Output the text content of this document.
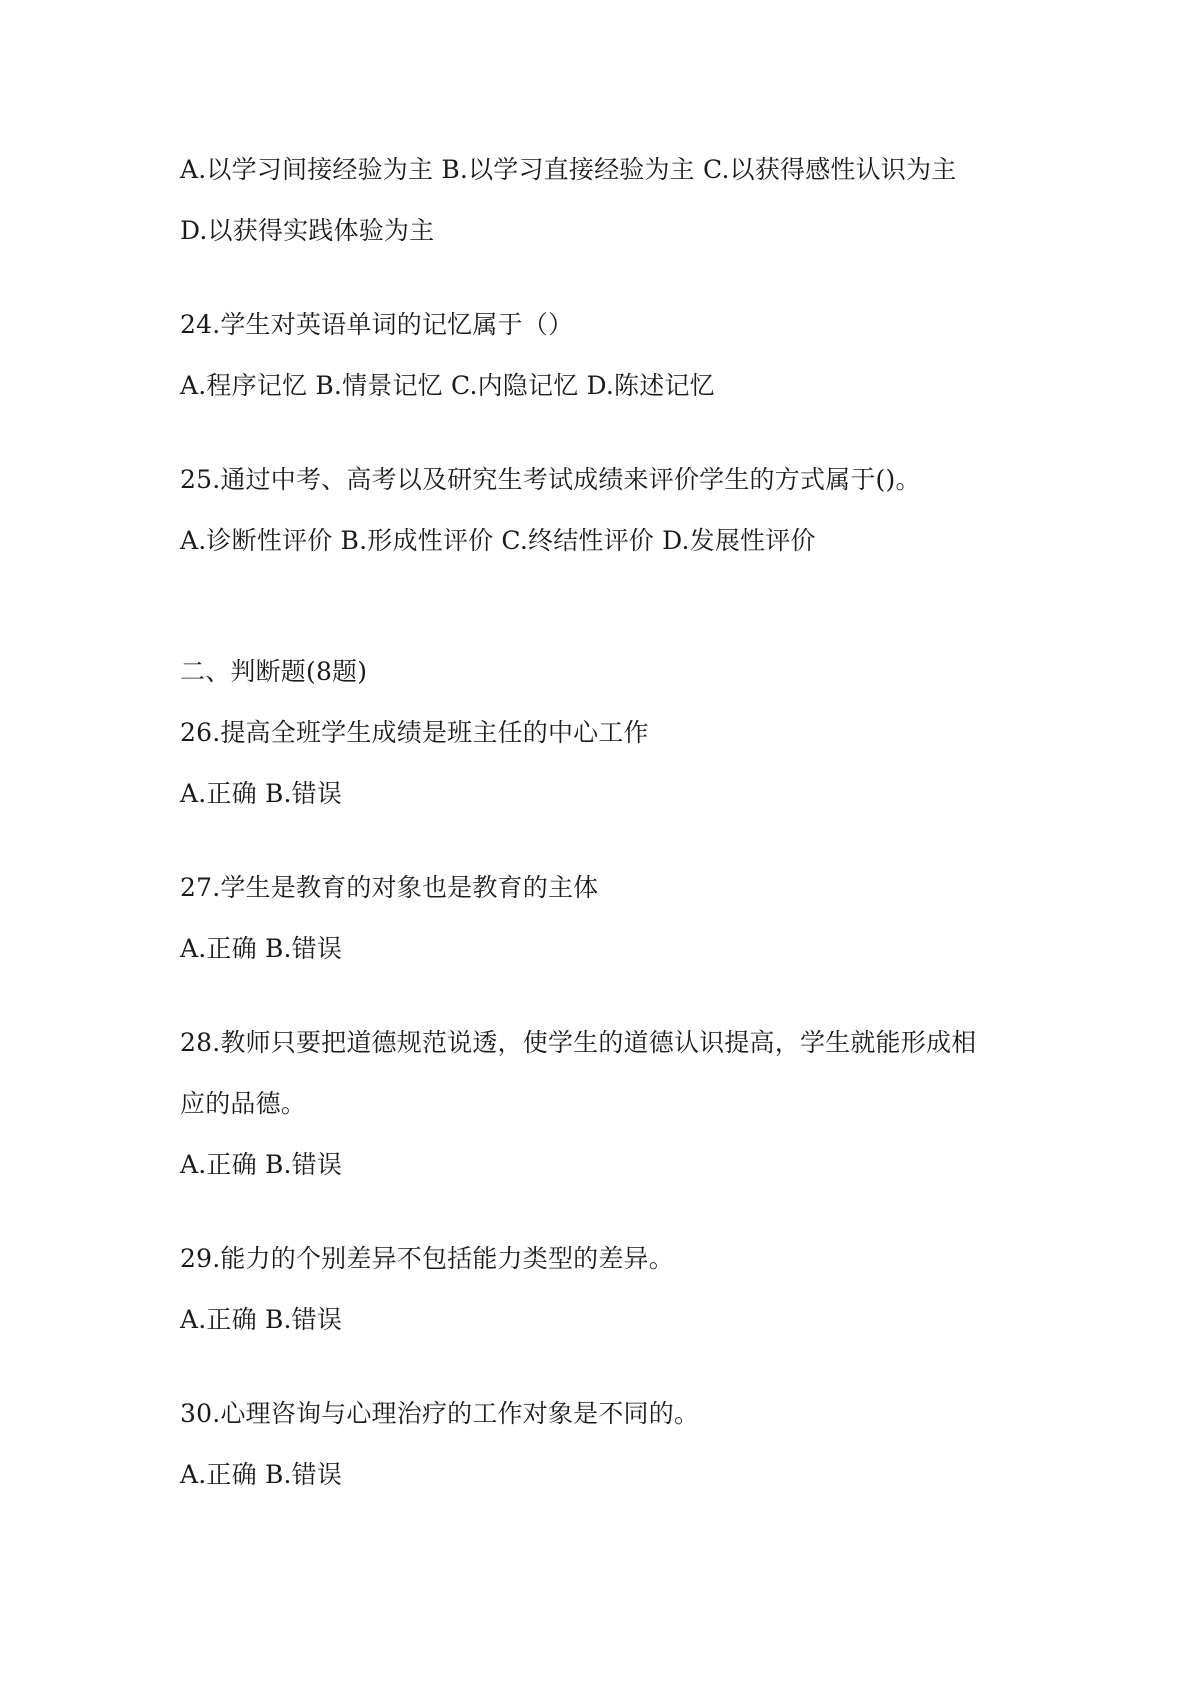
A.以学习间接经验为主 B.以学习直接经验为主 C.以获得感性认识为主
D.以获得实践体验为主
24.学生对英语单词的记忆属于（）
A.程序记忆 B.情景记忆 C.内隐记忆 D.陈述记忆
25.通过中考、高考以及研究生考试成绩来评价学生的方式属于()。
A.诊断性评价 B.形成性评价 C.终结性评价 D.发展性评价
二、判断题(8题)
26.提高全班学生成绩是班主任的中心工作
A.正确 B.错误
27.学生是教育的对象也是教育的主体
A.正确 B.错误
28.教师只要把道德规范说透，使学生的道德认识提高，学生就能形成相
应的品德。
A.正确 B.错误
29.能力的个别差异不包括能力类型的差异。
A.正确 B.错误
30.心理咨询与心理治疗的工作对象是不同的。
A.正确 B.错误
